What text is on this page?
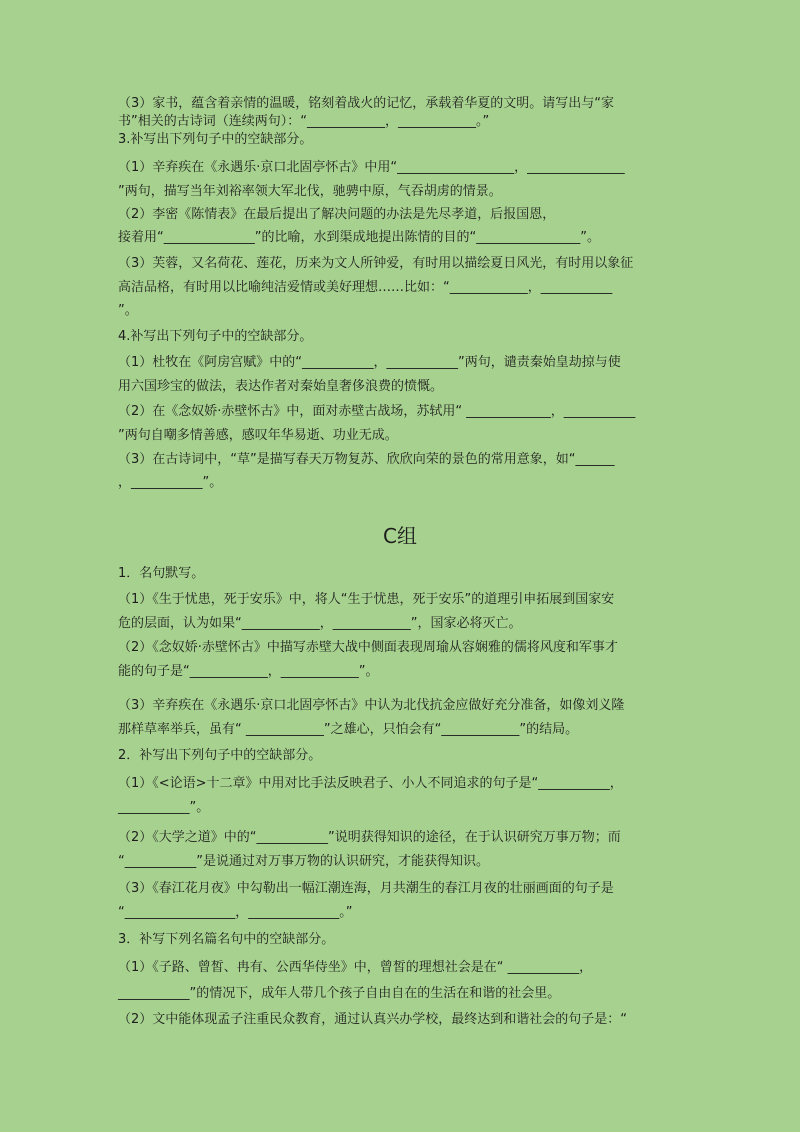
（3）家书，蕴含着亲情的温暖，铭刻着战火的记忆，承载着华夏的文明。请写出与“家
书”相关的古诗词（连续两句）：“____________，____________。”
3.补写出下列句子中的空缺部分。
（1）辛弃疾在《永遇乐·京口北固亭怀古》中用“__________________，_______________
”两句，描写当年刘裕率领大军北伐，驰骋中原，气吞胡虏的情景。
（2）李密《陈情表》在最后提出了解决问题的办法是先尽孝道，后报国恩，
接着用“______________”的比喻，水到渠成地提出陈情的目的“________________”。
（3）芙蓉，又名荷花、莲花，历来为文人所钟爱，有时用以描绘夏日风光，有时用以象征
高洁品格，有时用以比喻纯洁爱情或美好理想……比如：“____________，___________
”。
4.补写出下列句子中的空缺部分。
（1）杜牧在《阿房宫赋》中的“___________，___________”两句，谴责秦始皇劫掠与使
用六国珍宝的做法，表达作者对秦始皇奢侈浪费的愤慨。
（2）在《念奴娇·赤壁怀古》中，面对赤壁古战场，苏轼用“ _____________，___________
”两句自嘲多情善感，感叹年华易逝、功业无成。
（3）在古诗词中，“草”是描写春天万物复苏、欣欣向荣的景色的常用意象，如“______
，___________”。
C组
1．名句默写。
（1）《生于忧患，死于安乐》中，将人“生于忧患，死于安乐”的道理引申拓展到国家安
危的层面，认为如果“____________，____________”，国家必将灭亡。
（2）《念奴娇·赤壁怀古》中描写赤壁大战中侧面表现周瑜从容娴雅的儒将风度和军事才
能的句子是“____________，____________”。
（3）辛弃疾在《永遇乐·京口北固亭怀古》中认为北伐抗金应做好充分准备，如像刘义隆
那样草率举兵，虽有“ ____________”之雄心，只怕会有“____________”的结局。
2．补写出下列句子中的空缺部分。
（1）《<论语>十二章》中用对比手法反映君子、小人不同追求的句子是“___________，
___________”。
（2）《大学之道》中的“___________”说明获得知识的途径，在于认识研究万事万物；而
“___________”是说通过对万事万物的认识研究，才能获得知识。
（3）《春江花月夜》中勾勒出一幅江潮连海，月共潮生的春江月夜的壮丽画面的句子是
“_________________，______________。”
3．补写下列名篇名句中的空缺部分。
（1）《子路、曾皙、冉有、公西华侍坐》中，曾皙的理想社会是在“ ___________，
___________”的情况下，成年人带几个孩子自由自在的生活在和谐的社会里。
（2）文中能体现孟子注重民众教育，通过认真兴办学校，最终达到和谐社会的句子是：“
